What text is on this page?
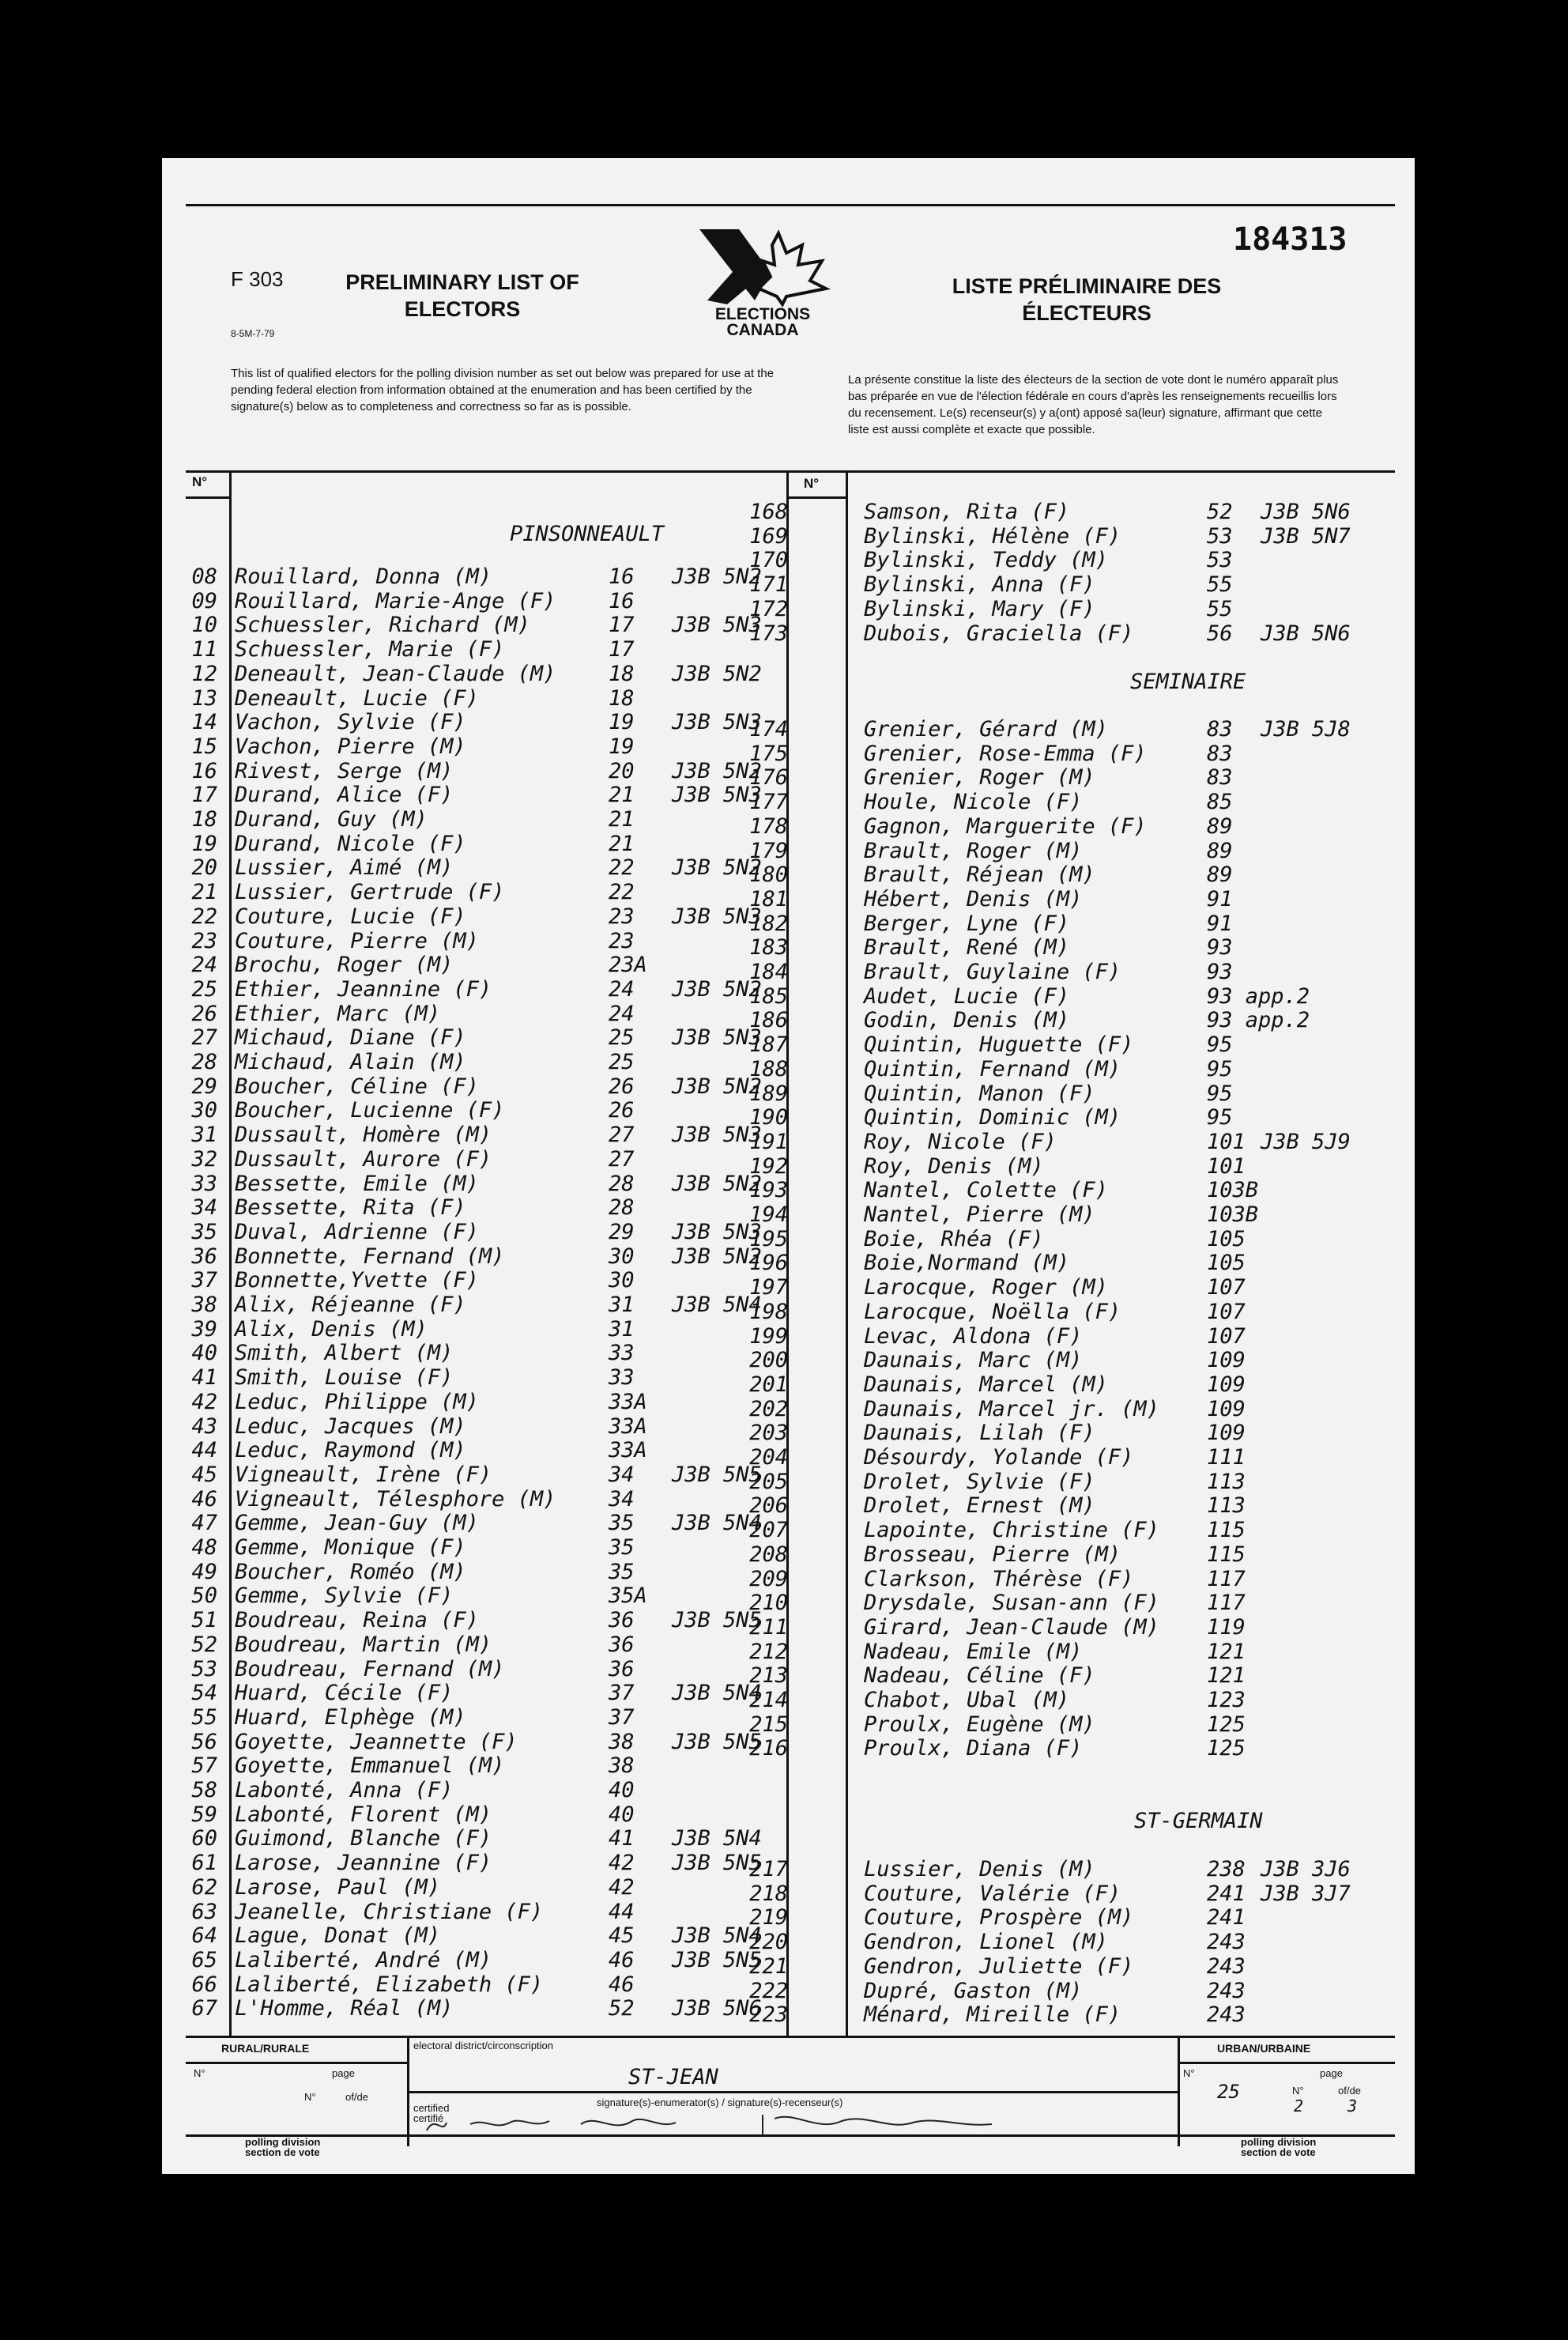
184313
F 303
8-5M-7-79
PRELIMINARY LIST OF
ELECTORS	ELECTIONS
CANADA
LISTE PRÉLIMINAIRE DES
ÉLECTEURS
This list of qualified electors for the polling division number as set out below was prepared for use at the pending federal election from information obtained at the enumeration and has been certified by the signature(s) below as to completeness and correctness so far as is possible.
La présente constitue la liste des électeurs de la section de vote dont le numéro apparaît plus bas préparée en vue de l'élection fédérale en cours d'après les renseignements recueillis lors du recensement. Le(s) recenseur(s) y a(ont) apposé sa(leur) signature, affirmant que cette liste est aussi complète et exacte que possible.
N°	N°
PINSONNEAULT
08 Rouillard, Donna (M)	16 J3B 5N2
09 Rouillard, Marie-Ange (F) 16
10 Schuessler, Richard (M)	17 J3B 5N3
11 Schuessler, Marie (F)	17
12 Deneault, Jean-Claude (M) 18 J3B 5N2
13 Deneault, Lucie (F)	18
14 Vachon, Sylvie (F)	19 J3B 5N3
15 Vachon, Pierre (M)	19
16 Rivest, Serge (M)	20 J3B 5N2
17 Durand, Alice (F)	21 J3B 5N3
18 Durand, Guy (M)	21
19 Durand, Nicole (F)	21
20 Lussier, Aimé (M)	22 J3B 5N2
21 Lussier, Gertrude (F)	22
22 Couture, Lucie (F)	23 J3B 5N3
23 Couture, Pierre (M)	23
24 Brochu, Roger (M)	23A
25 Ethier, Jeannine (F)	24 J3B 5N2
26 Ethier, Marc (M)	24
27 Michaud, Diane (F)	25 J3B 5N3
28 Michaud, Alain (M)	25
29 Boucher, Céline (F)	26 J3B 5N2
30 Boucher, Lucienne (F)	26
31 Dussault, Homère (M)	27 J3B 5N3
32 Dussault, Aurore (F)	27
33 Bessette, Emile (M)	28 J3B 5N2
34 Bessette, Rita (F)	28
35 Duval, Adrienne (F)	29 J3B 5N3
36 Bonnette, Fernand (M)	30 J3B 5N2
37 Bonnette,Yvette (F)	30
38 Alix, Réjeanne (F)	31 J3B 5N4
39 Alix, Denis (M)	31
40 Smith, Albert (M)	33
41 Smith, Louise (F)	33
42 Leduc, Philippe (M)	33A
43 Leduc, Jacques (M)	33A
44 Leduc, Raymond (M)	33A
45 Vigneault, Irène (F)	34 J3B 5N5
46 Vigneault, Télesphore (M) 34
47 Gemme, Jean-Guy (M)	35 J3B 5N4
48 Gemme, Monique (F)	35
49 Boucher, Roméo (M)	35
50 Gemme, Sylvie (F)	35A
51 Boudreau, Reina (F)	36 J3B 5N5
52 Boudreau, Martin (M)	36
53 Boudreau, Fernand (M)	36
54 Huard, Cécile (F)	37 J3B 5N4
55 Huard, Elphège (M)	37
56 Goyette, Jeannette (F)	38 J3B 5N5
57 Goyette, Emmanuel (M)	38
58 Labonté, Anna (F)	40
59 Labonté, Florent (M)	40
60 Guimond, Blanche (F)	41 J3B 5N4
61 Larose, Jeannine (F)	42 J3B 5N5
62 Larose, Paul (M)	42
63 Jeanelle, Christiane (F)	44
64 Lague, Donat (M)	45 J3B 5N4
65 Laliberté, André (M)	46 J3B 5N5
66 Laliberté, Elizabeth (F)	46
67 L'Homme, Réal (M)	52 J3B 5N6
168	Samson, Rita (F)	52 J3B 5N6
169	Bylinski, Hélène (F)	53 J3B 5N7
170	Bylinski, Teddy (M)	53
171	Bylinski, Anna (F)	55
172	Bylinski, Mary (F)	55
173	Dubois, Graciella (F)	56 J3B 5N6
SEMINAIRE
174	Grenier, Gérard (M)	83 J3B 5J8
175	Grenier, Rose-Emma (F)	83
176	Grenier, Roger (M)	83
177	Houle, Nicole (F)	85
178	Gagnon, Marguerite (F)	89
179	Brault, Roger (M)	89
180	Brault, Réjean (M)	89
181	Hébert, Denis (M)	91
182	Berger, Lyne (F)	91
183	Brault, René (M)	93
184	Brault, Guylaine (F)	93
185	Audet, Lucie (F)	93 app.2
186	Godin, Denis (M)	93 app.2
187	Quintin, Huguette (F)	95
188	Quintin, Fernand (M)	95
189	Quintin, Manon (F)	95
190	Quintin, Dominic (M)	95
191	Roy, Nicole (F)	101 J3B 5J9
192	Roy, Denis (M)	101
193	Nantel, Colette (F)	103B
194	Nantel, Pierre (M)	103B
195	Boie, Rhéa (F)	105
196	Boie,Normand (M)	105
197	Larocque, Roger (M)	107
198	Larocque, Noëlla (F)	107
199	Levac, Aldona (F)	107
200	Daunais, Marc (M)	109
201	Daunais, Marcel (M)	109
202	Daunais, Marcel jr. (M) 109
203	Daunais, Lilah (F)	109
204	Désourdy, Yolande (F)	111
205	Drolet, Sylvie (F)	113
206	Drolet, Ernest (M)	113
207	Lapointe, Christine (F) 115
208	Brosseau, Pierre (M)	115
209	Clarkson, Thérèse (F)	117
210	Drysdale, Susan-ann (F) 117
211	Girard, Jean-Claude (M) 119
212	Nadeau, Emile (M)	121
213	Nadeau, Céline (F)	121
214	Chabot, Ubal (M)	123
215	Proulx, Eugène (M)	125
216	Proulx, Diana (F)	125
ST-GERMAIN
217	Lussier, Denis (M)	238 J3B 3J6
218	Couture, Valérie (F)	241 J3B 3J7
219	Couture, Prospère (M)	241
220	Gendron, Lionel (M)	243
221	Gendron, Juliette (F)	243
222	Dupré, Gaston (M)	243
223	Ménard, Mireille (F)	243
RURAL/RURALE
N°	page
N°	of/de
polling division
section de vote
electoral district/circonscription
ST-JEAN
certified
certifié
signature(s)-enumerator(s) / signature(s)-recenseur(s)
URBAN/URBAINE
N°
25
page
N°
2
of/de
3
polling division
section de vote
